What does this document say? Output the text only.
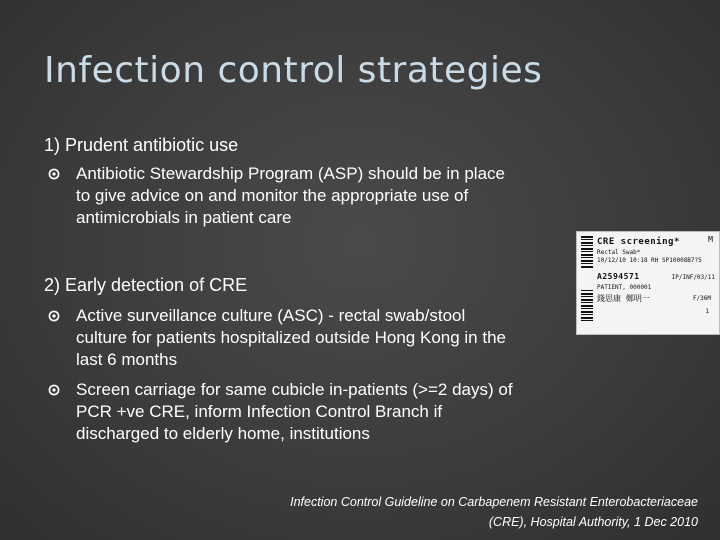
Infection control strategies
1) Prudent antibiotic use
Antibiotic Stewardship Program (ASP) should be in place
to give advice on and monitor the appropriate use of
antimicrobials in patient care
2) Early detection of CRE
Active surveillance culture (ASC) - rectal swab/stool
culture for patients hospitalized outside Hong Kong in the
last 6 months
Screen carriage for same cubicle in-patients (>=2 days) of
PCR +ve CRE, inform Infection Control Branch if
discharged to elderly home, institutions
CRE screening*	M
Rectal Swab*
10/12/10 10:18 RH SP10008B7?5
A2594571	IP/INF/03/11
PATIENT, 000001
錢思康 鄭明一	F/36M
1
Infection Control Guideline on Carbapenem Resistant Enterobacteriaceae
(CRE), Hospital Authority, 1 Dec 2010
